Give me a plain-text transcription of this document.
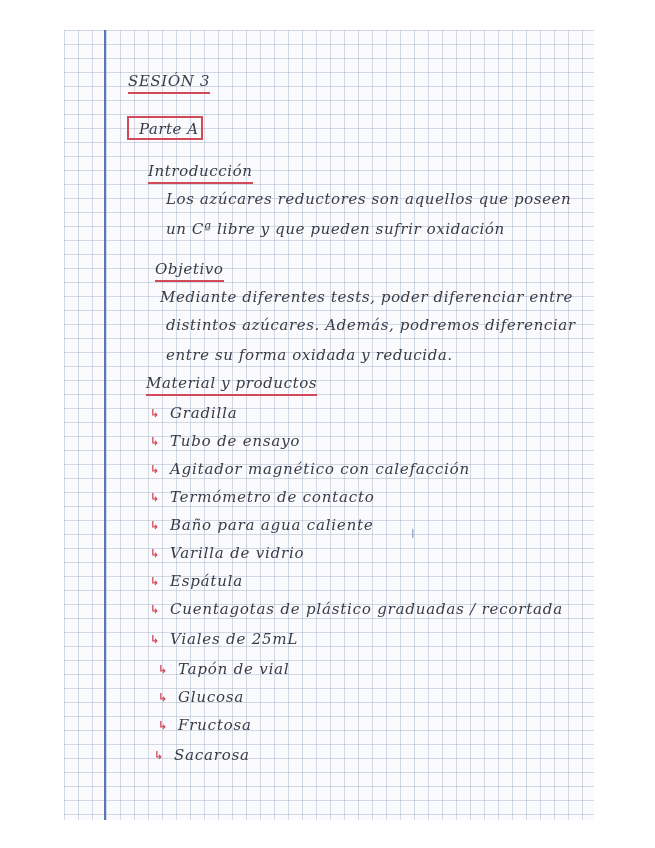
SESIÓN 3
Parte A
Introducción
Los azúcares reductores son aquellos que poseen
un Cª libre y que pueden sufrir oxidación
Objetivo
Mediante diferentes tests, poder diferenciar entre
distintos azúcares. Además, podremos diferenciar
entre su forma oxidada y reducida.
Material y productos
↳ Gradilla
↳ Tubo de ensayo
↳ Agitador magnético con calefacción
↳ Termómetro de contacto
↳ Baño para agua caliente
↳ Varilla de vidrio
↳ Espátula
↳ Cuentagotas de plástico graduadas / recortada
↳ Viales de 25mL
↳ Tapón de vial
↳ Glucosa
↳ Fructosa
↳ Sacarosa
I
